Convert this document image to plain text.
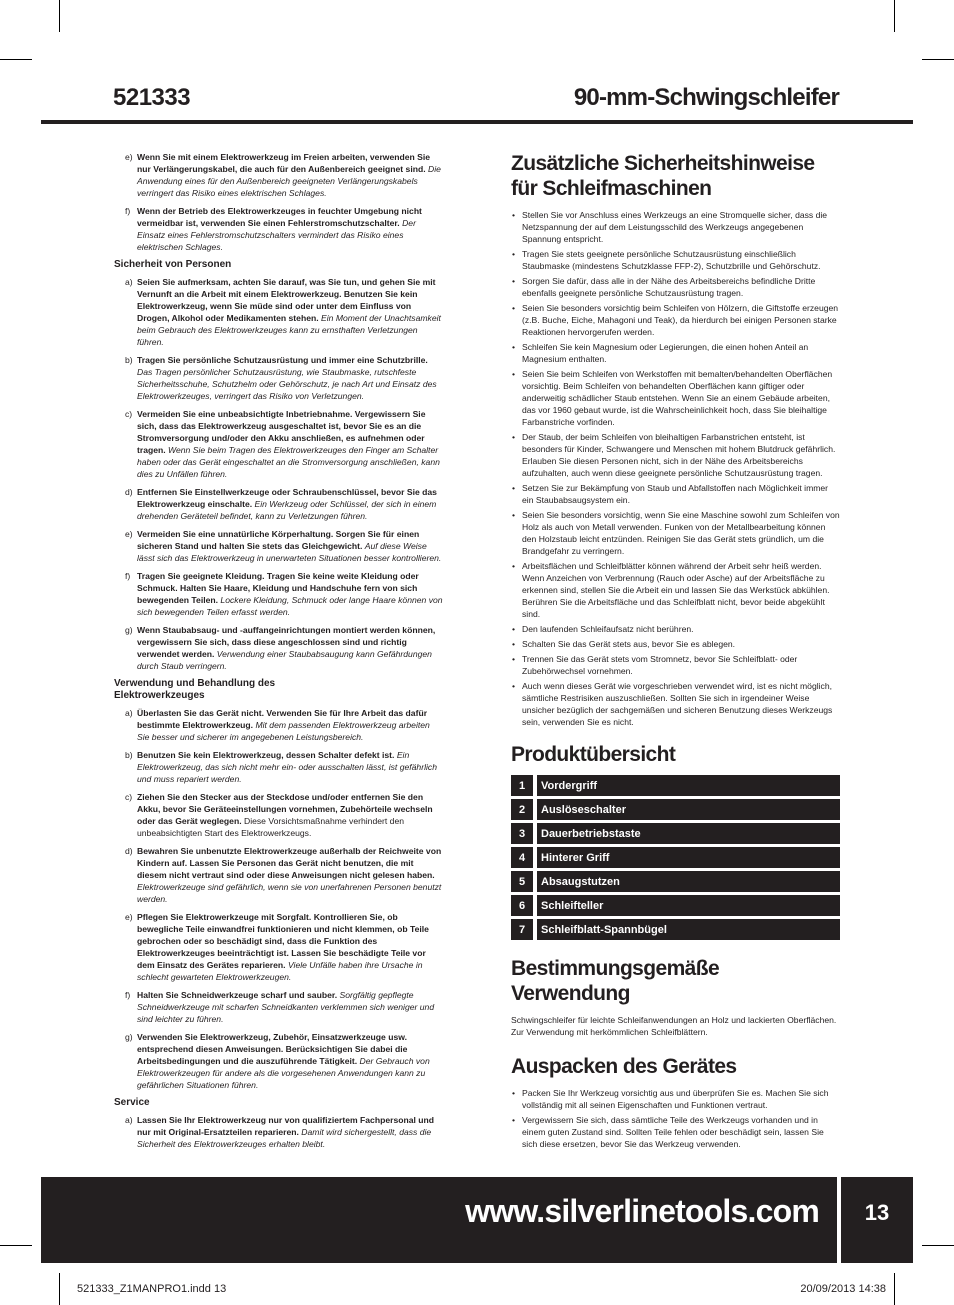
521333	90-mm-Schwingschleifer
e) Wenn Sie mit einem Elektrowerkzeug im Freien arbeiten, verwenden Sie nur Verlängerungskabel, die auch für den Außenbereich geeignet sind. Die Anwendung eines für den Außenbereich geeigneten Verlängerungskabels verringert das Risiko eines elektrischen Schlages.
f) Wenn der Betrieb des Elektrowerkzeuges in feuchter Umgebung nicht vermeidbar ist, verwenden Sie einen Fehlerstromschutzschalter. Der Einsatz eines Fehlerstromschutzschalters vermindert das Risiko eines elektrischen Schlages.
Sicherheit von Personen
a) Seien Sie aufmerksam, achten Sie darauf, was Sie tun, und gehen Sie mit Vernunft an die Arbeit mit einem Elektrowerkzeug. Benutzen Sie kein Elektrowerkzeug, wenn Sie müde sind oder unter dem Einfluss von Drogen, Alkohol oder Medikamenten stehen. Ein Moment der Unachtsamkeit beim Gebrauch des Elektrowerkzeuges kann zu ernsthaften Verletzungen führen.
b) Tragen Sie persönliche Schutzausrüstung und immer eine Schutzbrille. Das Tragen persönlicher Schutzausrüstung, wie Staubmaske, rutschfeste Sicherheitsschuhe, Schutzhelm oder Gehörschutz, je nach Art und Einsatz des Elektrowerkzeuges, verringert das Risiko von Verletzungen.
c) Vermeiden Sie eine unbeabsichtigte Inbetriebnahme. Vergewissern Sie sich, dass das Elektrowerkzeug ausgeschaltet ist, bevor Sie es an die Stromversorgung und/oder den Akku anschließen, es aufnehmen oder tragen. Wenn Sie beim Tragen des Elektrowerkzeuges den Finger am Schalter haben oder das Gerät eingeschaltet an die Stromversorgung anschließen, kann dies zu Unfällen führen.
d) Entfernen Sie Einstellwerkzeuge oder Schraubenschlüssel, bevor Sie das Elektrowerkzeug einschalte. Ein Werkzeug oder Schlüssel, der sich in einem drehenden Geräteteil befindet, kann zu Verletzungen führen.
e) Vermeiden Sie eine unnatürliche Körperhaltung. Sorgen Sie für einen sicheren Stand und halten Sie stets das Gleichgewicht. Auf diese Weise lässt sich das Elektrowerkzeug in unerwarteten Situationen besser kontrollieren.
f) Tragen Sie geeignete Kleidung. Tragen Sie keine weite Kleidung oder Schmuck. Halten Sie Haare, Kleidung und Handschuhe fern von sich bewegenden Teilen. Lockere Kleidung, Schmuck oder lange Haare können von sich bewegenden Teilen erfasst werden.
g) Wenn Staubabsaug- und -auffangeinrichtungen montiert werden können, vergewissern Sie sich, dass diese angeschlossen sind und richtig verwendet werden. Verwendung einer Staubabsaugung kann Gefährdungen durch Staub verringern.
Verwendung und Behandlung des
Elektrowerkzeuges
a) Überlasten Sie das Gerät nicht. Verwenden Sie für Ihre Arbeit das dafür bestimmte Elektrowerkzeug. Mit dem passenden Elektrowerkzeug arbeiten Sie besser und sicherer im angegebenen Leistungsbereich.
b) Benutzen Sie kein Elektrowerkzeug, dessen Schalter defekt ist. Ein Elektrowerkzeug, das sich nicht mehr ein- oder ausschalten lässt, ist gefährlich und muss repariert werden.
c) Ziehen Sie den Stecker aus der Steckdose und/oder entfernen Sie den Akku, bevor Sie Geräteeinstellungen vornehmen, Zubehörteile wechseln oder das Gerät weglegen. Diese Vorsichtsmaßnahme verhindert den unbeabsichtigten Start des Elektrowerkzeugs.
d) Bewahren Sie unbenutzte Elektrowerkzeuge außerhalb der Reichweite von Kindern auf. Lassen Sie Personen das Gerät nicht benutzen, die mit diesem nicht vertraut sind oder diese Anweisungen nicht gelesen haben. Elektrowerkzeuge sind gefährlich, wenn sie von unerfahrenen Personen benutzt werden.
e) Pflegen Sie Elektrowerkzeuge mit Sorgfalt. Kontrollieren Sie, ob bewegliche Teile einwandfrei funktionieren und nicht klemmen, ob Teile gebrochen oder so beschädigt sind, dass die Funktion des Elektrowerkzeuges beeinträchtigt ist. Lassen Sie beschädigte Teile vor dem Einsatz des Gerätes reparieren. Viele Unfälle haben ihre Ursache in schlecht gewarteten Elektrowerkzeugen.
f) Halten Sie Schneidwerkzeuge scharf und sauber. Sorgfältig gepflegte Schneidwerkzeuge mit scharfen Schneidkanten verklemmen sich weniger und sind leichter zu führen.
g) Verwenden Sie Elektrowerkzeug, Zubehör, Einsatzwerkzeuge usw. entsprechend diesen Anweisungen. Berücksichtigen Sie dabei die Arbeitsbedingungen und die auszuführende Tätigkeit. Der Gebrauch von Elektrowerkzeugen für andere als die vorgesehenen Anwendungen kann zu gefährlichen Situationen führen.
Service
a) Lassen Sie Ihr Elektrowerkzeug nur von qualifiziertem Fachpersonal und nur mit Original-Ersatzteilen reparieren. Damit wird sichergestellt, dass die Sicherheit des Elektrowerkzeuges erhalten bleibt.
Zusätzliche Sicherheitshinweise
für Schleifmaschinen
• Stellen Sie vor Anschluss eines Werkzeugs an eine Stromquelle sicher, dass die Netzspannung der auf dem Leistungsschild des Werkzeugs angegebenen Spannung entspricht.
• Tragen Sie stets geeignete persönliche Schutzausrüstung einschließlich Staubmaske (mindestens Schutzklasse FFP-2), Schutzbrille und Gehörschutz.
• Sorgen Sie dafür, dass alle in der Nähe des Arbeitsbereichs befindliche Dritte ebenfalls geeignete persönliche Schutzausrüstung tragen.
• Seien Sie besonders vorsichtig beim Schleifen von Hölzern, die Giftstoffe erzeugen (z.B. Buche, Eiche, Mahagoni und Teak), da hierdurch bei einigen Personen starke Reaktionen hervorgerufen werden.
• Schleifen Sie kein Magnesium oder Legierungen, die einen hohen Anteil an Magnesium enthalten.
• Seien Sie beim Schleifen von Werkstoffen mit bemalten/behandelten Oberflächen vorsichtig. Beim Schleifen von behandelten Oberflächen kann giftiger oder anderweitig schädlicher Staub entstehen. Wenn Sie an einem Gebäude arbeiten, das vor 1960 gebaut wurde, ist die Wahrscheinlichkeit hoch, dass Sie bleihaltige Farbanstriche vorfinden.
• Der Staub, der beim Schleifen von bleihaltigen Farbanstrichen entsteht, ist besonders für Kinder, Schwangere und Menschen mit hohem Blutdruck gefährlich. Erlauben Sie diesen Personen nicht, sich in der Nähe des Arbeitsbereichs aufzuhalten, auch wenn diese geeignete persönliche Schutzausrüstung tragen.
• Setzen Sie zur Bekämpfung von Staub und Abfallstoffen nach Möglichkeit immer ein Staubabsaugsystem ein.
• Seien Sie besonders vorsichtig, wenn Sie eine Maschine sowohl zum Schleifen von Holz als auch von Metall verwenden. Funken von der Metallbearbeitung können den Holzstaub leicht entzünden. Reinigen Sie das Gerät stets gründlich, um die Brandgefahr zu verringern.
• Arbeitsflächen und Schleifblätter können während der Arbeit sehr heiß werden. Wenn Anzeichen von Verbrennung (Rauch oder Asche) auf der Arbeitsfläche zu erkennen sind, stellen Sie die Arbeit ein und lassen Sie das Werkstück abkühlen. Berühren Sie die Arbeitsfläche und das Schleifblatt nicht, bevor beide abgekühlt sind.
• Den laufenden Schleifaufsatz nicht berühren.
• Schalten Sie das Gerät stets aus, bevor Sie es ablegen.
• Trennen Sie das Gerät stets vom Stromnetz, bevor Sie Schleifblatt- oder Zubehörwechsel vornehmen.
• Auch wenn dieses Gerät wie vorgeschrieben verwendet wird, ist es nicht möglich, sämtliche Restrisiken auszuschließen. Sollten Sie sich in irgendeiner Weise unsicher bezüglich der sachgemäßen und sicheren Benutzung dieses Werkzeugs sein, verwenden Sie es nicht.
Produktübersicht
1	Vordergriff
2	Auslöseschalter
3	Dauerbetriebstaste
4	Hinterer Griff
5	Absaugstutzen
6	Schleifteller
7	Schleifblatt-Spannbügel
Bestimmungsgemäße
Verwendung
Schwingschleifer für leichte Schleifanwendungen an Holz und lackierten Oberflächen. Zur Verwendung mit herkömmlichen Schleifblättern.
Auspacken des Gerätes
• Packen Sie Ihr Werkzeug vorsichtig aus und überprüfen Sie es. Machen Sie sich vollständig mit all seinen Eigenschaften und Funktionen vertraut.
• Vergewissern Sie sich, dass sämtliche Teile des Werkzeugs vorhanden und in einem guten Zustand sind. Sollten Teile fehlen oder beschädigt sein, lassen Sie sich diese ersetzen, bevor Sie das Werkzeug verwenden.
www.silverlinetools.com 13
521333_Z1MANPRO1.indd 13	20/09/2013 14:38
